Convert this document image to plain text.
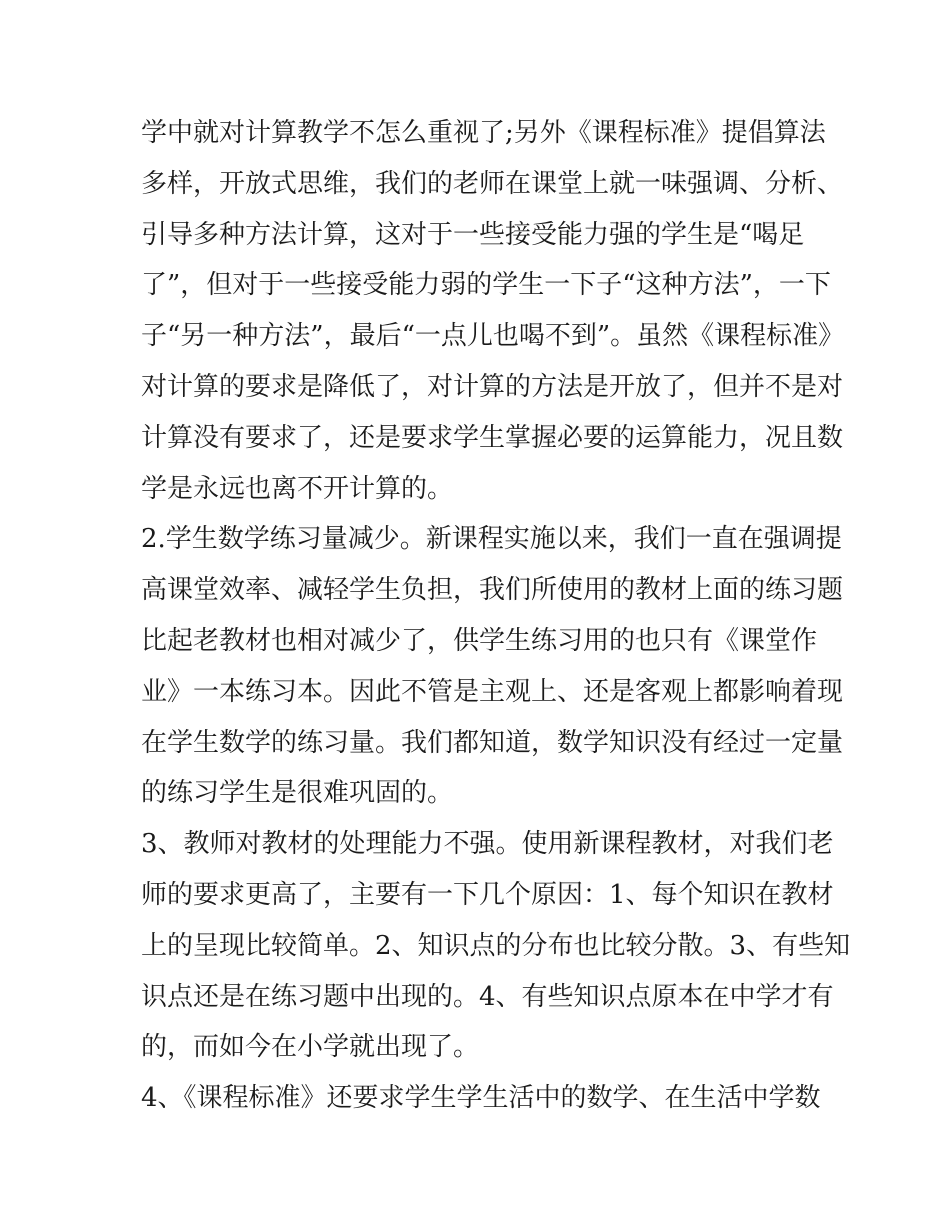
学中就对计算教学不怎么重视了;另外《课程标准》提倡算法
多样，开放式思维，我们的老师在课堂上就一味强调、分析、
引导多种方法计算，这对于一些接受能力强的学生是“喝足
了”，但对于一些接受能力弱的学生一下子“这种方法”，一下
子“另一种方法”，最后“一点儿也喝不到”。虽然《课程标准》
对计算的要求是降低了，对计算的方法是开放了，但并不是对
计算没有要求了，还是要求学生掌握必要的运算能力，况且数
学是永远也离不开计算的。
2.学生数学练习量减少。新课程实施以来，我们一直在强调提
高课堂效率、减轻学生负担，我们所使用的教材上面的练习题
比起老教材也相对减少了，供学生练习用的也只有《课堂作
业》一本练习本。因此不管是主观上、还是客观上都影响着现
在学生数学的练习量。我们都知道，数学知识没有经过一定量
的练习学生是很难巩固的。
3、教师对教材的处理能力不强。使用新课程教材，对我们老
师的要求更高了，主要有一下几个原因：1、每个知识在教材
上的呈现比较简单。2、知识点的分布也比较分散。3、有些知
识点还是在练习题中出现的。4、有些知识点原本在中学才有
的，而如今在小学就出现了。
4、《课程标准》还要求学生学生活中的数学、在生活中学数
